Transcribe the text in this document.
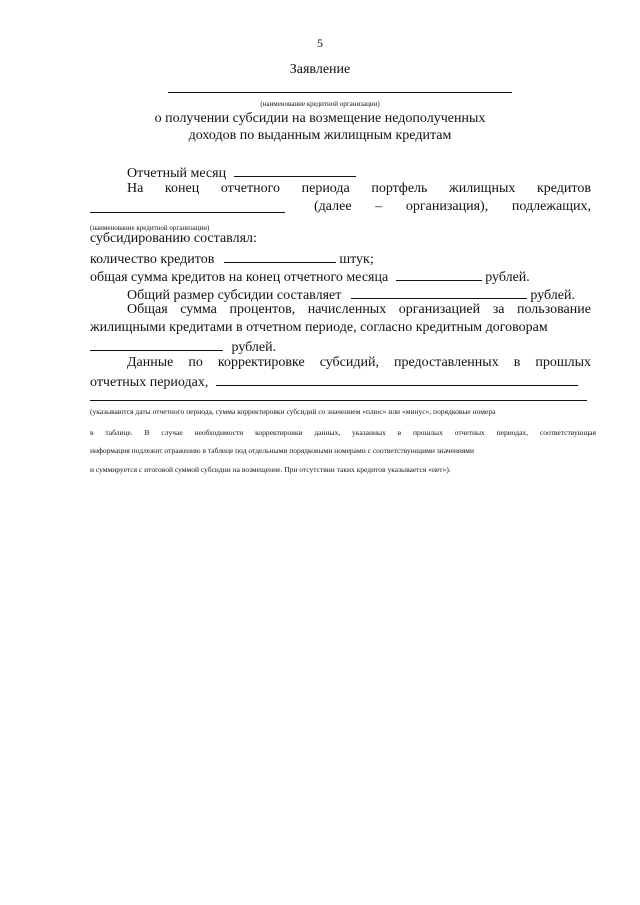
5
Заявление
(наименование кредитной организации)
о получении субсидии на возмещение недополученных
доходов по выданным жилищным кредитам
Отчетный месяц
На конец отчетного периода портфель жилищных кредитов
(далее – организация), подлежащих,
(наименование кредитной организации)
субсидированию составлял:
количество кредитов	штук;
общая сумма кредитов на конец отчетного месяца	рублей.
Общий размер субсидии составляет	рублей.
Общая сумма процентов, начисленных организацией за пользование
жилищными кредитами в отчетном периоде, согласно кредитным договорам
рублей.
Данные по корректировке субсидий, предоставленных в прошлых
отчетных периодах,
(указываются даты отчетного периода, сумма корректировки субсидий со значением «плюс» или «минус», порядковые номера
в таблице. В случае необходимости корректировки данных, указанных в прошлых отчетных периодах, соответствующая
информация подлежит отражению в таблице под отдельными порядковыми номерами с соответствующими значениями
и суммируется с итоговой суммой субсидии на возмещение. При отсутствии таких кредитов указывается «нет»).
